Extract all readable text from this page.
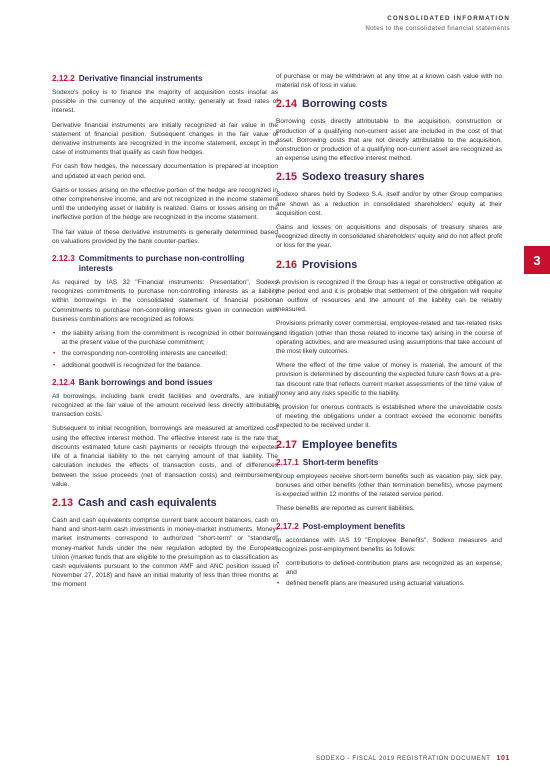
CONSOLIDATED INFORMATION
Notes to the consolidated financial statements
2.12.2 Derivative financial instruments

Sodexo's policy is to finance the majority of acquisition costs insofar as possible in the currency of the acquired entity, generally at fixed rates of interest.

Derivative financial instruments are initially recognized at fair value in the statement of financial position. Subsequent changes in the fair value of derivative instruments are recognized in the income statement, except in the case of instruments that qualify as cash flow hedges.

For cash flow hedges, the necessary documentation is prepared at inception and updated at each period end.

Gains or losses arising on the effective portion of the hedge are recognized in other comprehensive income, and are not recognized in the income statement until the underlying asset or liability is realized. Gains or losses arising on the ineffective portion of the hedge are recognized in the income statement.

The fair value of these derivative instruments is generally determined based on valuations provided by the bank counter-parties.

2.12.3 Commitments to purchase non-controlling interests

As required by IAS 32 "Financial instruments: Presentation", Sodexo recognizes commitments to purchase non-controlling interests as a liability within borrowings in the consolidated statement of financial position. Commitments to purchase non-controlling interests given in connection with business combinations are recognized as follows:

• the liability arising from the commitment is recognized in other borrowings at the present value of the purchase commitment;
• the corresponding non-controlling interests are cancelled;
• additional goodwill is recognized for the balance.
2.12.4 Bank borrowings and bond issues

All borrowings, including bank credit facilities and overdrafts, are initially recognized at the fair value of the amount received less directly attributable transaction costs.

Subsequent to initial recognition, borrowings are measured at amortized cost using the effective interest method. The effective interest rate is the rate that discounts estimated future cash payments or receipts through the expected life of a financial liability to the net carrying amount of that liability. The calculation includes the effects of transaction costs, and of differences between the issue proceeds (net of transaction costs) and reimbursement value.

2.13 Cash and cash equivalents

Cash and cash equivalents comprise current bank account balances, cash on hand and short-term cash investments in money-market instruments. Money-market instruments correspond to authorized "short-term" or "standard" money-market funds under the new regulation adopted by the European Union (market funds that are eligible to the presumption as to classification as cash equivalents pursuant to the common AMF and ANC position issued in November 27, 2018) and have an initial maturity of less than three months at the moment

of purchase or may be withdrawn at any time at a known cash value with no material risk of loss in value.

2.14 Borrowing costs

Borrowing costs directly attributable to the acquisition, construction or production of a qualifying non-current asset are included in the cost of that asset. Borrowing costs that are not directly attributable to the acquisition, construction or production of a qualifying non-current asset are recognized as an expense using the effective interest method.

2.15 Sodexo treasury shares

Sodexo shares held by Sodexo S.A. itself and/or by other Group companies are shown as a reduction in consolidated shareholders' equity at their acquisition cost.

Gains and losses on acquisitions and disposals of treasury shares are recognized directly in consolidated shareholders' equity and do not affect profit or loss for the year.

2.16 Provisions

A provision is recognized if the Group has a legal or constructive obligation at the period end and it is probable that settlement of the obligation will require an outflow of resources and the amount of the liability can be reliably measured.

Provisions primarily cover commercial, employee-related and tax-related risks and litigation (other than those related to income tax) arising in the course of operating activities, and are measured using assumptions that take account of the most likely outcomes.

Where the effect of the time value of money is material, the amount of the provision is determined by discounting the expected future cash flows at a pre-tax discount rate that reflects current market assessments of the time value of money and any risks specific to the liability.

A provision for onerous contracts is established where the unavoidable costs of meeting the obligations under a contract exceed the economic benefits expected to be received under it.

2.17 Employee benefits
2.17.1 Short-term benefits

Group employees receive short-term benefits such as vacation pay, sick pay, bonuses and other benefits (other than termination benefits), whose payment is expected within 12 months of the related service period.

These benefits are reported as current liabilities.

2.17.2 Post-employment benefits

In accordance with IAS 19 "Employee Benefits", Sodexo measures and recognizes post-employment benefits as follows:

• contributions to defined-contribution plans are recognized as an expense; and
• defined benefit plans are measured using actuarial valuations.
3
SODEXO - FISCAL 2019 REGISTRATION DOCUMENT 101
